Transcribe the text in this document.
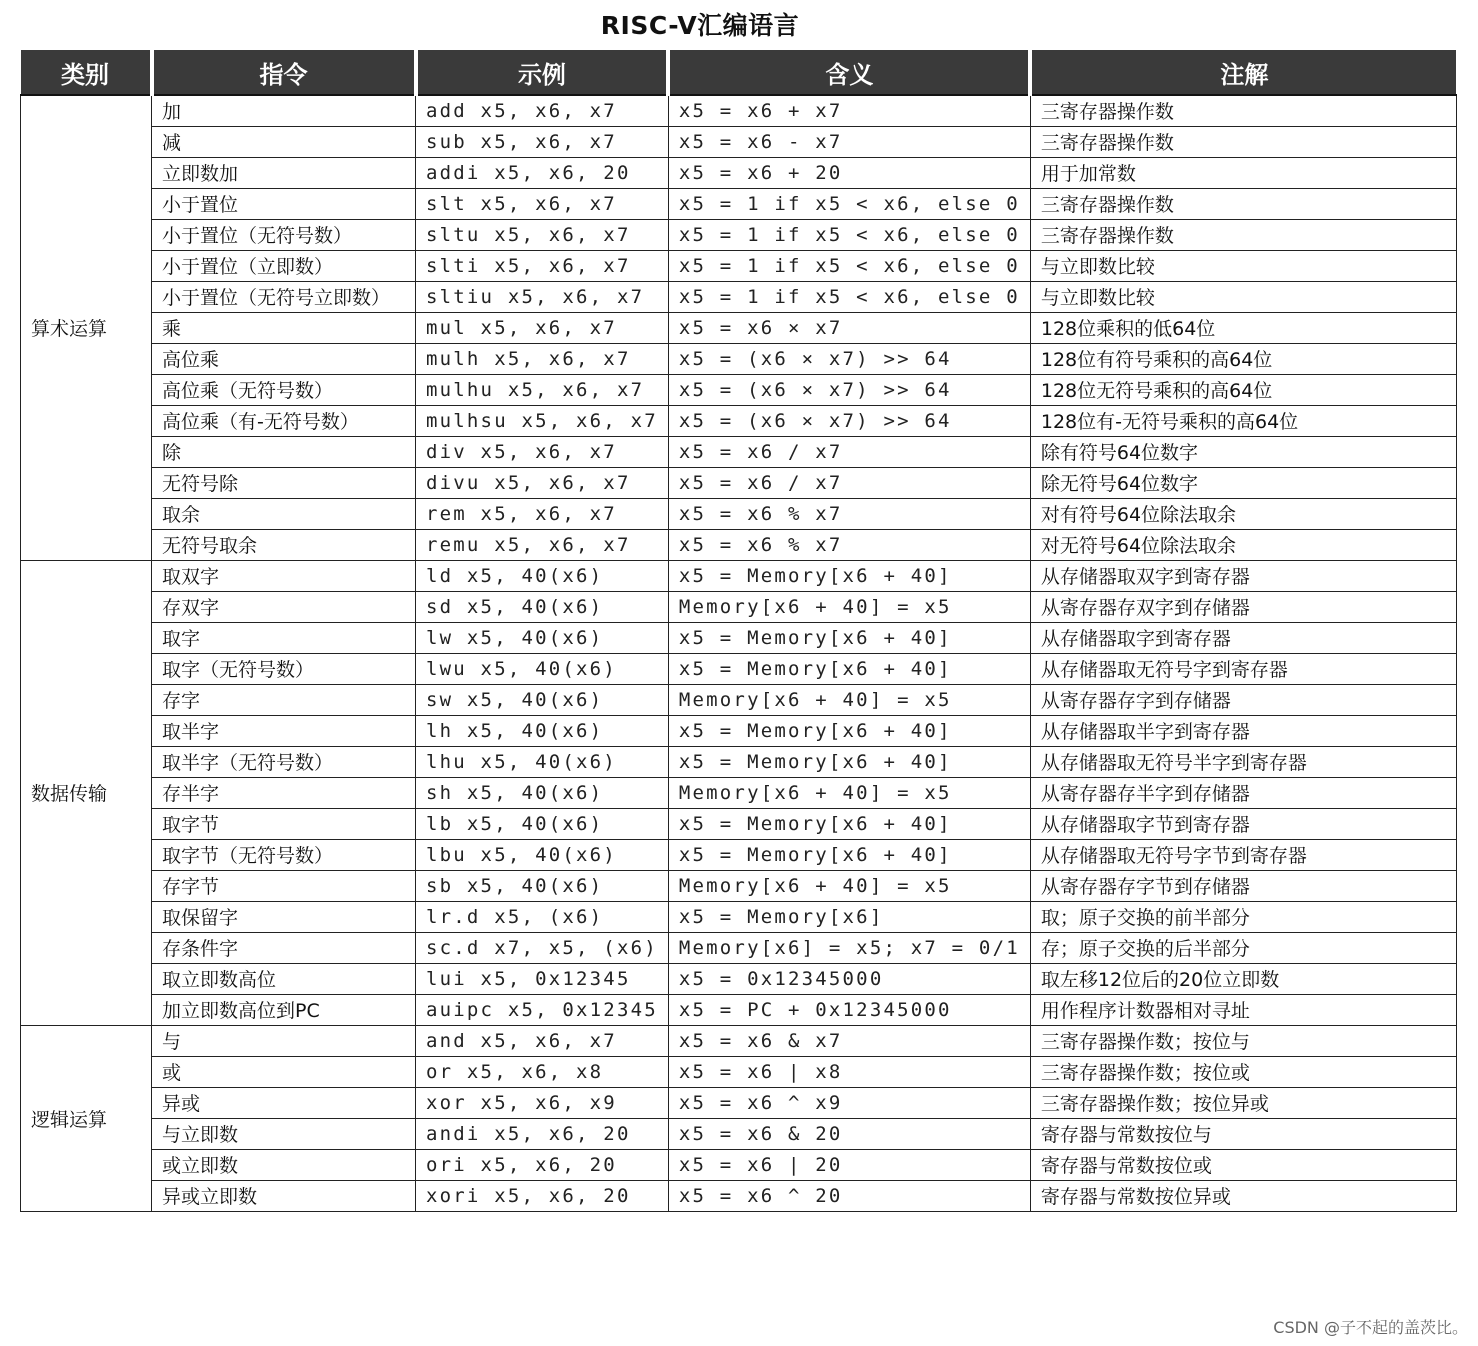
RISC-V汇编语言
类别	指令	示例	含义	注解
算术运算	加	add x5, x6, x7	x5 = x6 + x7	三寄存器操作数
	减	sub x5, x6, x7	x5 = x6 - x7	三寄存器操作数
	立即数加	addi x5, x6, 20	x5 = x6 + 20	用于加常数
	小于置位	slt x5, x6, x7	x5 = 1 if x5 < x6, else 0	三寄存器操作数
	小于置位（无符号数）	sltu x5, x6, x7	x5 = 1 if x5 < x6, else 0	三寄存器操作数
	小于置位（立即数）	slti x5, x6, x7	x5 = 1 if x5 < x6, else 0	与立即数比较
	小于置位（无符号立即数）	sltiu x5, x6, x7	x5 = 1 if x5 < x6, else 0	与立即数比较
	乘	mul x5, x6, x7	x5 = x6 × x7	128位乘积的低64位
	高位乘	mulh x5, x6, x7	x5 = (x6 × x7) >> 64	128位有符号乘积的高64位
	高位乘（无符号数）	mulhu x5, x6, x7	x5 = (x6 × x7) >> 64	128位无符号乘积的高64位
	高位乘（有-无符号数）	mulhsu x5, x6, x7	x5 = (x6 × x7) >> 64	128位有-无符号乘积的高64位
	除	div x5, x6, x7	x5 = x6 / x7	除有符号64位数字
	无符号除	divu x5, x6, x7	x5 = x6 / x7	除无符号64位数字
	取余	rem x5, x6, x7	x5 = x6 % x7	对有符号64位除法取余
	无符号取余	remu x5, x6, x7	x5 = x6 % x7	对无符号64位除法取余
数据传输	取双字	ld x5, 40(x6)	x5 = Memory[x6 + 40]	从存储器取双字到寄存器
	存双字	sd x5, 40(x6)	Memory[x6 + 40] = x5	从寄存器存双字到存储器
	取字	lw x5, 40(x6)	x5 = Memory[x6 + 40]	从存储器取字到寄存器
	取字（无符号数）	lwu x5, 40(x6)	x5 = Memory[x6 + 40]	从存储器取无符号字到寄存器
	存字	sw x5, 40(x6)	Memory[x6 + 40] = x5	从寄存器存字到存储器
	取半字	lh x5, 40(x6)	x5 = Memory[x6 + 40]	从存储器取半字到寄存器
	取半字（无符号数）	lhu x5, 40(x6)	x5 = Memory[x6 + 40]	从存储器取无符号半字到寄存器
	存半字	sh x5, 40(x6)	Memory[x6 + 40] = x5	从寄存器存半字到存储器
	取字节	lb x5, 40(x6)	x5 = Memory[x6 + 40]	从存储器取字节到寄存器
	取字节（无符号数）	lbu x5, 40(x6)	x5 = Memory[x6 + 40]	从存储器取无符号字节到寄存器
	存字节	sb x5, 40(x6)	Memory[x6 + 40] = x5	从寄存器存字节到存储器
	取保留字	lr.d x5, (x6)	x5 = Memory[x6]	取；原子交换的前半部分
	存条件字	sc.d x7, x5, (x6)	Memory[x6] = x5; x7 = 0/1	存；原子交换的后半部分
	取立即数高位	lui x5, 0x12345	x5 = 0x12345000	取左移12位后的20位立即数
	加立即数高位到PC	auipc x5, 0x12345	x5 = PC + 0x12345000	用作程序计数器相对寻址
逻辑运算	与	and x5, x6, x7	x5 = x6 & x7	三寄存器操作数；按位与
	或	or x5, x6, x8	x5 = x6 | x8	三寄存器操作数；按位或
	异或	xor x5, x6, x9	x5 = x6 ^ x9	三寄存器操作数；按位异或
	与立即数	andi x5, x6, 20	x5 = x6 & 20	寄存器与常数按位与
	或立即数	ori x5, x6, 20	x5 = x6 | 20	寄存器与常数按位或
	异或立即数	xori x5, x6, 20	x5 = x6 ^ 20	寄存器与常数按位异或
CSDN @子不起的盖茨比。
